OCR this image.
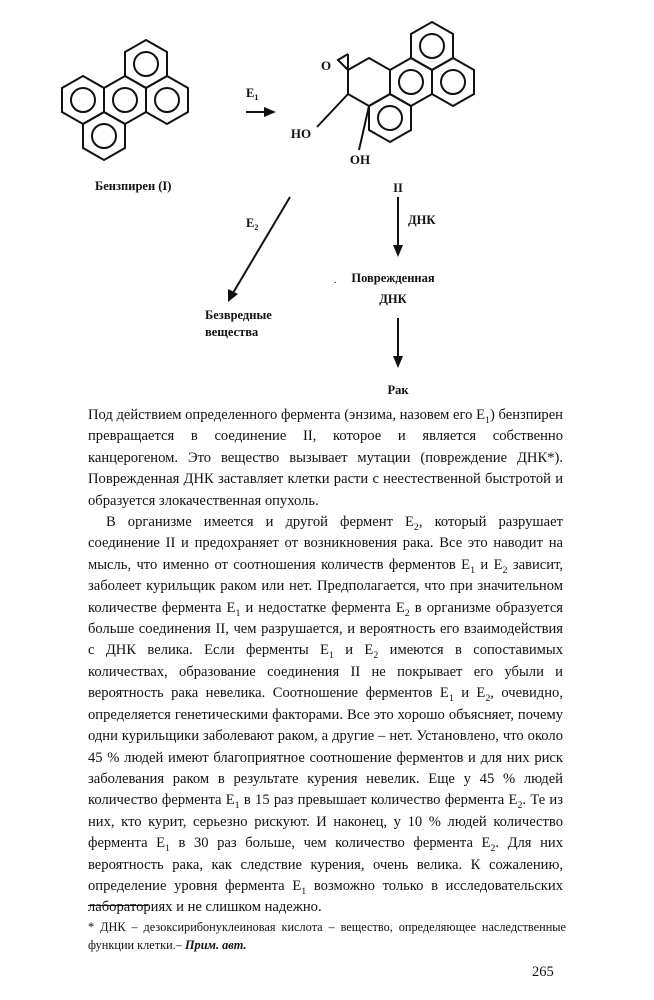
O
HO
OH
$E_1$
$E_2$
Бензпирен (I)	II
ДНК
Поврежденная
ДНК
Безвредные
вещества
Рак
.

Под действием определенного фермента (энзима, назовем его $E_1$) бензпирен превращается в соединение II, которое и является собственно канцерогеном. Это вещество вызывает мутации (повреждение ДНК*). Поврежденная ДНК заставляет клетки расти с неестественной быстротой и образуется злокачественная опухоль.

В организме имеется и другой фермент $E_2$, который разрушает соединение II и предохраняет от возникновения рака. Все это наводит на мысль, что именно от соотношения количеств ферментов $E_1$ и $E_2$ зависит, заболеет курильщик раком или нет. Предполагается, что при значительном количестве фермента $E_1$ и недостатке фермента $E_2$ в организме образуется больше соединения II, чем разрушается, и вероятность его взаимодействия с ДНК велика. Если ферменты $E_1$ и $E_2$ имеются в сопоставимых количествах, образование соединения II не покрывает его убыли и вероятность рака невелика. Соотношение ферментов $E_1$ и $E_2$, очевидно, определяется генетическими факторами. Все это хорошо объясняет, почему одни курильщики заболевают раком, а другие – нет. Установлено, что около 45 % людей имеют благоприятное соотношение ферментов и для них риск заболевания раком в результате курения невелик. Еще у 45 % людей количество фермента $E_1$ в 15 раз превышает количество фермента $E_2$. Те из них, кто курит, серьезно рискуют. И наконец, у 10 % людей количество фермента $E_1$ в 30 раз больше, чем количество фермента $E_2$. Для них вероятность рака, как следствие курения, очень велика. К сожалению, определение уровня фермента $E_1$ возможно только в исследовательских лабораториях и не слишком надежно.

* ДНК – дезоксирибонуклеиновая кислота – вещество, определяющее наследственные функции клетки.– Прим. авт.
265
